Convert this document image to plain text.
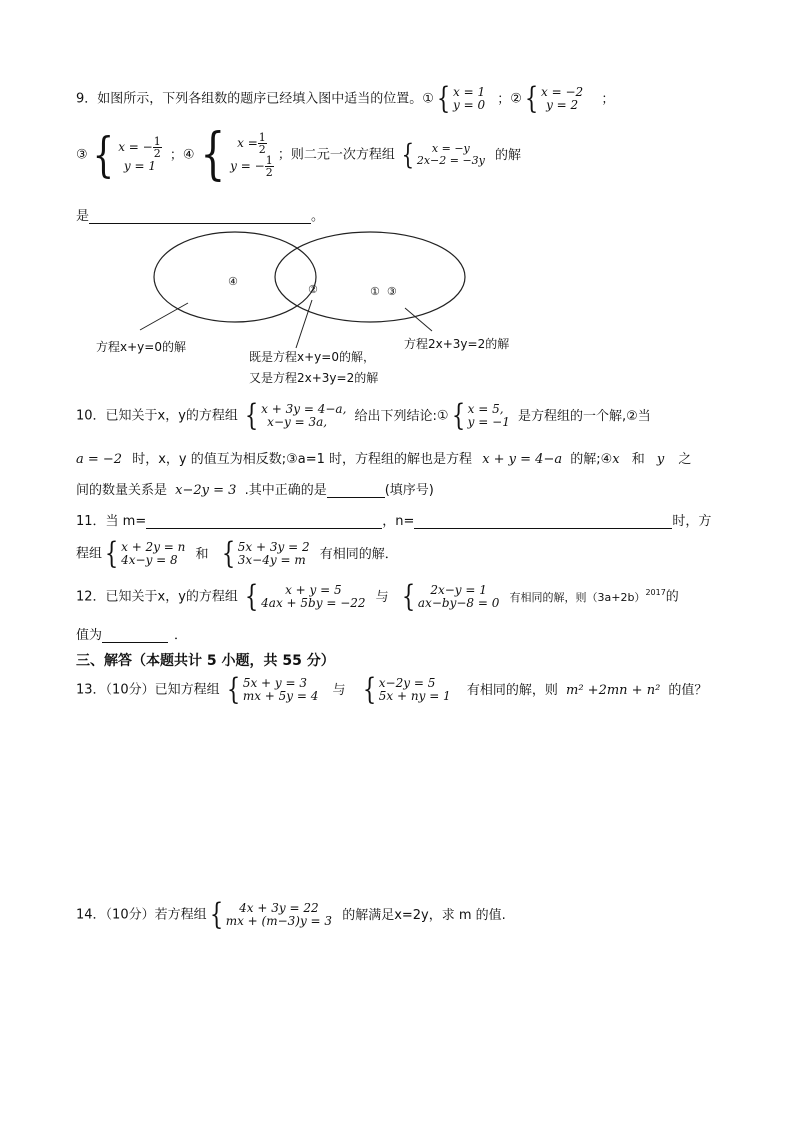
9．如图所示，下列各组数的题序已经填入图中适当的位置。① { x = 1
y = 0 ；② { x = −2
y = 2	；
③ { x = − $\frac{1}{2}$
y = 1
；④ {	$x = \frac{1}{2}$
y = − $\frac{1}{2}$ ；则二元一次方程组 {	x = −y
2x−2 = −3y 的解
是	。
④
②	①  ③
方程x+y=0的解
既是方程x+y=0的解，
又是方程2x+3y=2的解
方程2x+3y=2的解
10．已知关于x，y的方程组 { x + 3y = 4−a,
x−y = 3a, 给出下列结论:① { x = 5,
y = −1 是方程组的一个解,②当
a = −2 时，x，y 的值互为相反数;③a=1 时，方程组的解也是方程 x + y = 4−a 的解;④x 和 y 之
间的数量关系是 x−2y = 3 .其中正确的是	(填序号)
11．当 m=	，n=	时，方
程组 { x + 2y = n
4x−y = 8 和 { 5x + 3y = 2
3x−4y = m 有相同的解．
12．已知关于x，y的方程组 {	x + y = 5
4ax + 5by = −22 与 {	2x−y = 1
ax−by−8 = 0 有相同的解，则$(3a+2b)^{2017}$的
值为	．
三、解答（本题共计 5 小题，共 55 分）
13．（10分）已知方程组 { 5x + y = 3
mx + 5y = 4 与 { x−2y = 5
5x + ny = 1 有相同的解，则 m² +2mn + n² 的值？
14．（10分）若方程组 {	4x + 3y = 22
mx + (m−3)y = 3 的解满足x=2y，求 m 的值.
